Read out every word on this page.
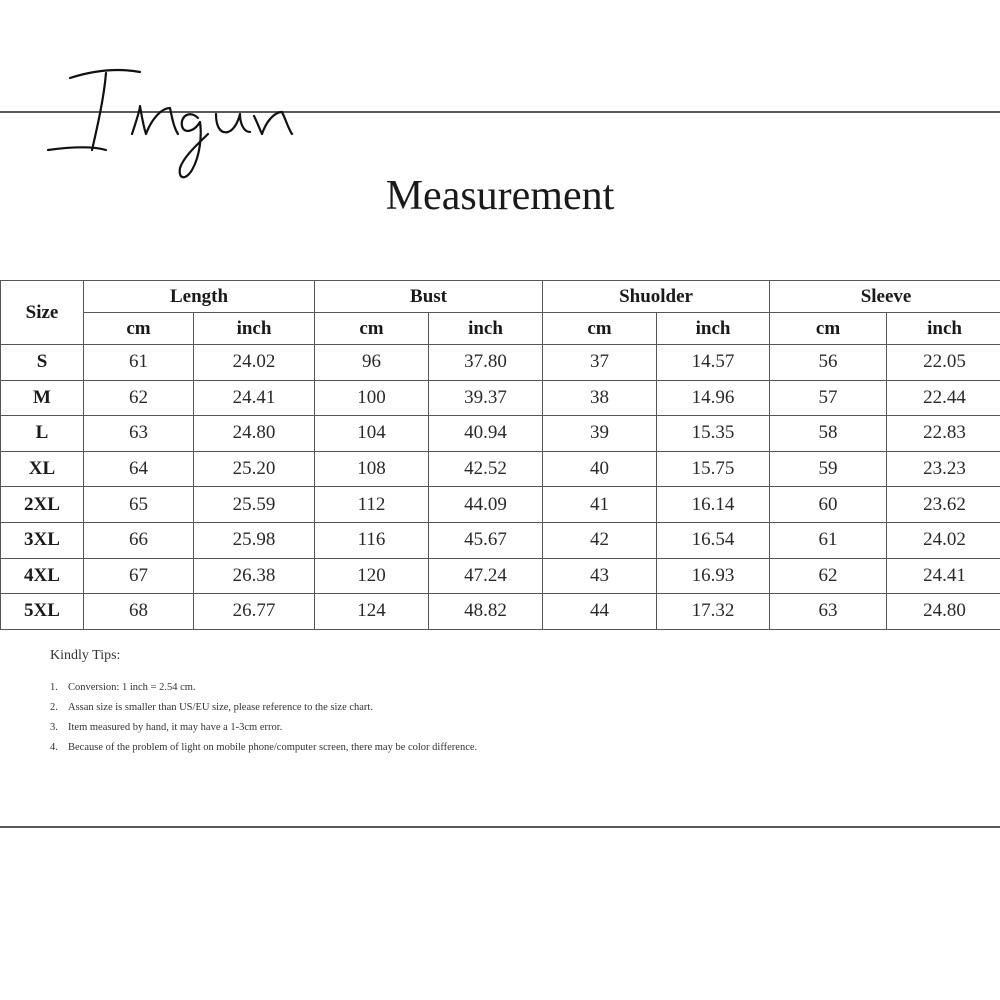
Measurement
Size	Length		Bust		Shuolder		Sleeve	
	cm	inch	cm	inch	cm	inch	cm	inch
S	61	24.02	96	37.80	37	14.57	56	22.05
M	62	24.41	100	39.37	38	14.96	57	22.44
L	63	24.80	104	40.94	39	15.35	58	22.83
XL	64	25.20	108	42.52	40	15.75	59	23.23
2XL	65	25.59	112	44.09	41	16.14	60	23.62
3XL	66	25.98	116	45.67	42	16.54	61	24.02
4XL	67	26.38	120	47.24	43	16.93	62	24.41
5XL	68	26.77	124	48.82	44	17.32	63	24.80
Kindly Tips:
1. Conversion: 1 inch = 2.54 cm.
2. Assan size is smaller than US/EU size, please reference to the size chart.
3. Item measured by hand, it may have a 1-3cm error.
4. Because of the problem of light on mobile phone/computer screen, there may be color difference.
